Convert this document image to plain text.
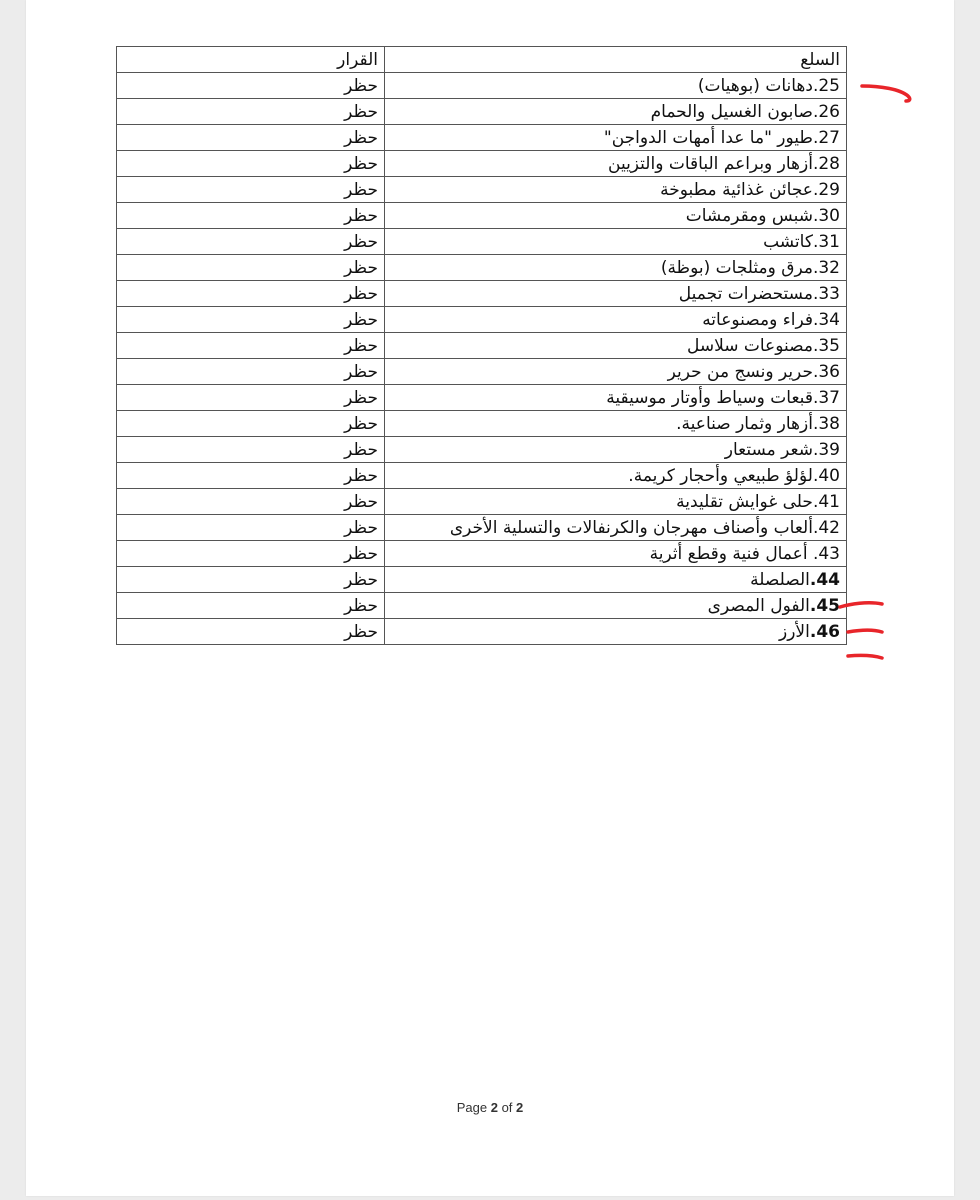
السلع	القرار
25.دهانات (بوهيات)	حظر
26.صابون الغسيل والحمام	حظر
27.طيور "ما عدا أمهات الدواجن"	حظر
28.أزهار وبراعم الباقات والتزيين	حظر
29.عجائن غذائية مطبوخة	حظر
30.شبس ومقرمشات	حظر
31.كاتشب	حظر
32.مرق ومثلجات (بوظة)	حظر
33.مستحضرات تجميل	حظر
34.فراء ومصنوعاته	حظر
35.مصنوعات سلاسل	حظر
36.حرير ونسج من حرير	حظر
37.قبعات وسياط وأوتار موسيقية	حظر
38.أزهار وثمار صناعية.	حظر
39.شعر مستعار	حظر
40.لؤلؤ طبيعي وأحجار كريمة.	حظر
41.حلى غوايش تقليدية	حظر
42.ألعاب وأصناف مهرجان والكرنفالات والتسلية الأخرى	حظر
43. أعمال فنية وقطع أثرية	حظر
44.الصلصلة	حظر
45.الفول المصرى	حظر
46.الأرز	حظر
Page 2 of 2
